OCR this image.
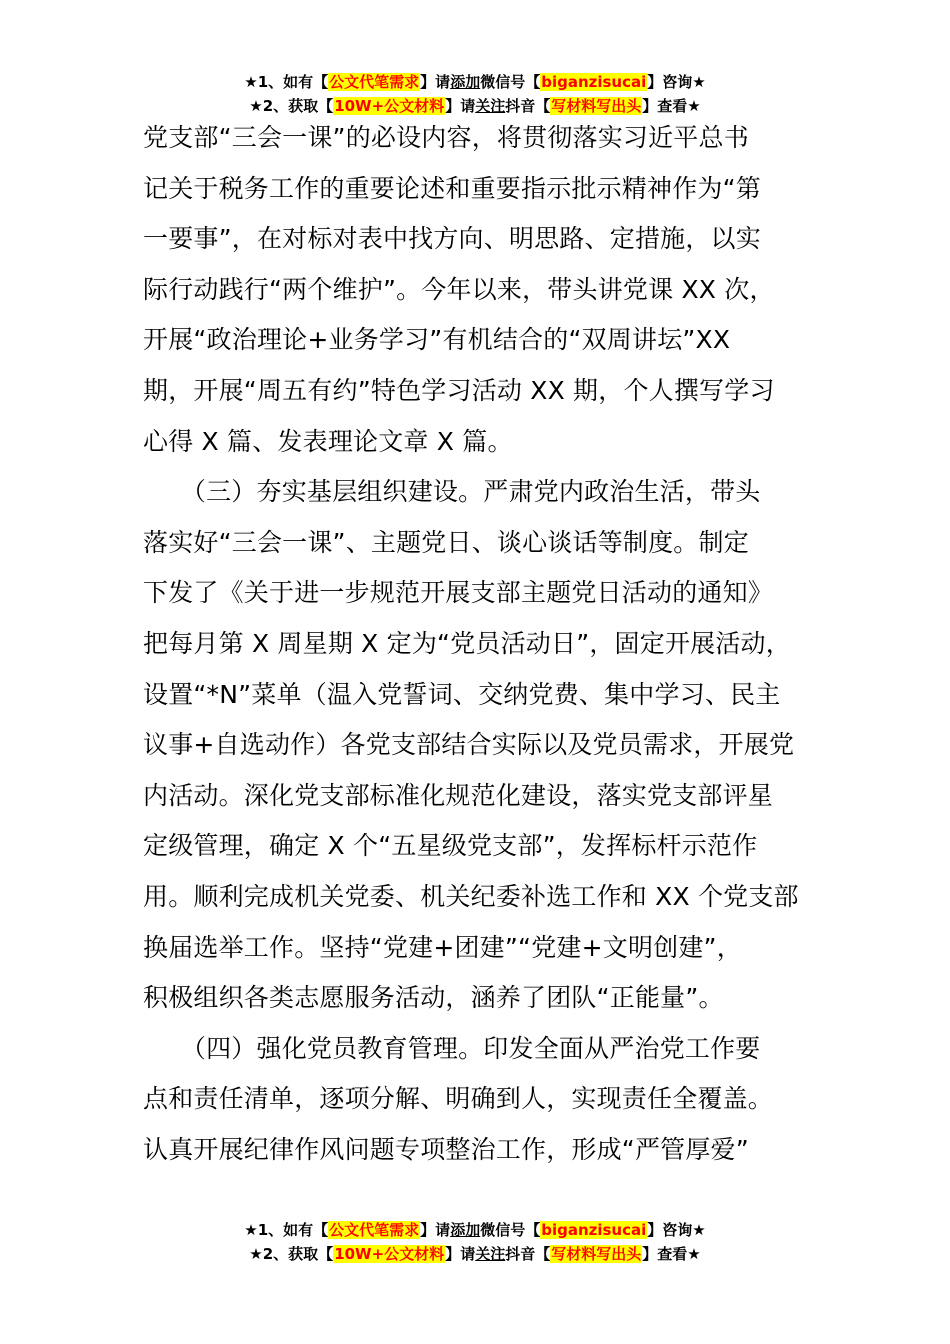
★1、如有【公文代笔需求】请添加微信号【biganzisucai】咨询★
★2、获取【10W+公文材料】请关注抖音【写材料写出头】查看★
党支部“三会一课”的必设内容，将贯彻落实习近平总书
记关于税务工作的重要论述和重要指示批示精神作为“第
一要事”，在对标对表中找方向、明思路、定措施，以实
际行动践行“两个维护”。今年以来，带头讲党课 XX 次，
开展“政治理论+业务学习”有机结合的“双周讲坛”XX
期，开展“周五有约”特色学习活动 XX 期，个人撰写学习
心得 X 篇、发表理论文章 X 篇。
　　（三）夯实基层组织建设。严肃党内政治生活，带头
落实好“三会一课”、主题党日、谈心谈话等制度。制定
下发了《关于进一步规范开展支部主题党日活动的通知》
把每月第 X 周星期 X 定为“党员活动日”，固定开展活动，
设置“*N”菜单（温入党誓词、交纳党费、集中学习、民主
议事+自选动作）各党支部结合实际以及党员需求，开展党
内活动。深化党支部标准化规范化建设，落实党支部评星
定级管理，确定 X 个“五星级党支部”，发挥标杆示范作
用。顺利完成机关党委、机关纪委补选工作和 XX 个党支部
换届选举工作。坚持“党建+团建”“党建+文明创建”，
积极组织各类志愿服务活动，涵养了团队“正能量”。
　　（四）强化党员教育管理。印发全面从严治党工作要
点和责任清单，逐项分解、明确到人，实现责任全覆盖。
认真开展纪律作风问题专项整治工作，形成“严管厚爱”
★1、如有【公文代笔需求】请添加微信号【biganzisucai】咨询★
★2、获取【10W+公文材料】请关注抖音【写材料写出头】查看★
